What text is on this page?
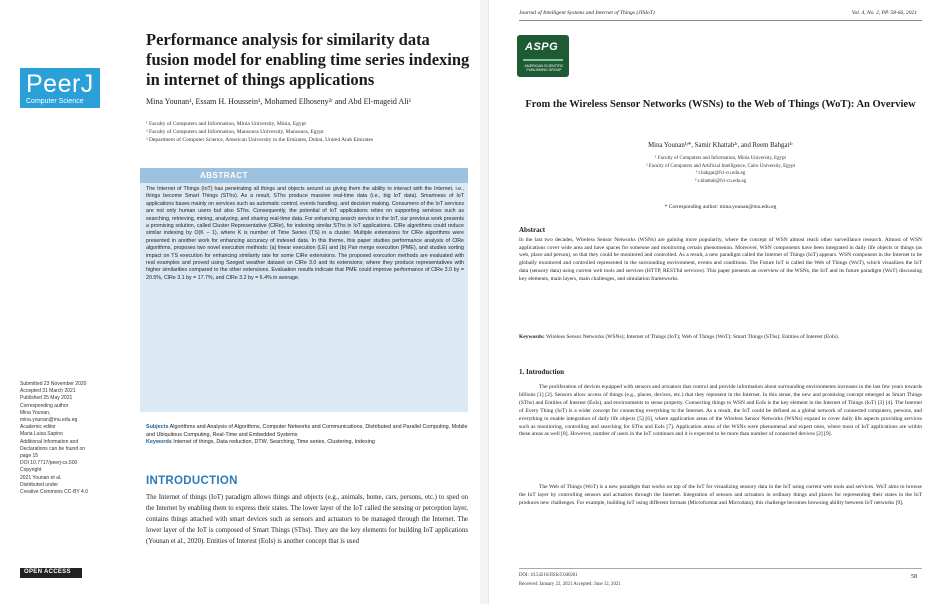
PeerJ
Computer Science
Performance analysis for similarity data fusion model for enabling time series indexing in internet of things applications
Mina Younan¹, Essam H. Houssein¹, Mohamed Elhoseny²ʳ and Abd El-mageid Ali¹
¹ Faculty of Computers and Information, Minia University, Minia, Egypt
² Faculty of Computers and Information, Mansoura University, Mansoura, Egypt
³ Department of Computer Science, American University in the Emirates, Dubai, United Arab Emirates
ABSTRACT
The Internet of Things (IoT) has penetrating all things and objects around us giving them the ability to interact with the Internet, i.e., things become Smart Things (SThs). As a result, SThs produce massive real-time data (i.e., big IoT data). Smartness of IoT applications bases mainly on services such as automatic control, events handling, and decision making. Consumers of the IoT services are not only human users but also SThs. Consequently, the potential of IoT applications relies on supporting services such as searching, retrieving, mining, analyzing, and sharing real-time data. For enhancing search service in the IoT, our previous work presents a promising solution, called Cluster Representative (ClRe), for indexing similar SThs in IoT applications. ClRe algorithms could reduce similar indexing by O(K − 1), where K is number of Time Series (TS) in a cluster. Multiple extensions for ClRe algorithms were presented in another work for enhancing accuracy of indexed data. In this theme, this paper studies performance analysis of ClRe algorithms, proposes two novel execution methods: (a) linear execution (LE) and (b) Pair merge execution (PME), and studies sorting impact on TS execution for enhancing similarity rate for some ClRe extensions. The proposed execution methods are evaluated with real examples and proved using Szeged weather dataset on ClRe 3.0 and its extensions; where they produce representatives with higher similarities compared to the other extensions. Evaluation results indicate that PME could improve performance of ClRe 3.0 by = 20.5%, ClRe 3.1 by = 17.7%, and ClRe 3.2 by = 6.4% in average.
Submitted 23 November 2020
Accepted 31 March 2021
Published 25 May 2021
Corresponding author
Mina Younan,
mina.younan@mu.edu.eg
Academic editor
Maria Luisa Sapino
Additional Information and
Declarations can be found on
page 15
DOI 10.7717/peerj-cs.500
Copyright
2021 Younan et al.
Distributed under
Creative Commons CC-BY 4.0
OPEN ACCESS
Subjects Algorithms and Analysis of Algorithms, Computer Networks and Communications, Distributed and Parallel Computing, Mobile and Ubiquitous Computing, Real-Time and Embedded Systems
Keywords Internet of things, Data reduction, DTW, Searching, Time series, Clustering, Indexing
INTRODUCTION
The Internet of things (IoT) paradigm allows things and objects (e.g., animals, home, cars, persons, etc.) to sped on the Internet by enabling them to express their states. The lower layer of the IoT called the sensing or perception layer, contains things attached with smart devices such as sensors and actuators to be managed through the Internet. The lower layer of the IoT is composed of Smart Things (SThs). They are the key elements for building IoT applications (Younan et al., 2020). Entities of Interest (EoIs) is another concept that is used
Journal of Intelligent Systems and Internet of Things (JISIoT)	Vol. 4, No. 2, PP. 58-66, 2021
ASPG
AMERICAN SCIENTIFIC PUBLISHING GROUP
From the Wireless Sensor Networks (WSNs) to the Web of Things (WoT): An Overview
Mina Younan¹ʲ*, Samir Khattab²ʳ, and Reem Bahgat²ʳ
¹ Faculty of Computers and Information, Minia University, Egypt
² Faculty of Computers and Artificial Intelligence, Cairo University, Egypt
³ r.bahgat@fci-cu.edu.eg
³ s.khattab@fci-cu.edu.eg
* Corresponding author: mina.younan@mu.edu.eg
Abstract
In the last two decades, Wireless Sensor Networks (WSNs) are gaining more popularity, where the concept of WSN almost reach other surveillance research. Almost of WSN applications cover wide area and have spaces for someone and monitoring certain phenomenon. Moreover, WSN components have been integrated in daily life objects or things (as web, place and person), so that they could be monitored and controlled. As a result, a new paradigm called the Internet of Things (IoT) appears. WSN component in the Internet to be globally monitored and controlled represented in the surrounding environment, events and conditions. The Future IoT is called the Web of Things (WoT), which visualizes the IoT data (sensory data) using current web tools and services (HTTP, RESTful services). This paper presents an overview of the WSNs, the IoT and its future paradigm (WoT) discussing key elements, main layers, main challenges, and simulation frameworks.
Keywords: Wireless Sensor Networks (WSNs); Internet of Things (IoT); Web of Things (WoT); Smart Things (SThs); Entities of Interest (EoIs).
1. Introduction
The proliferation of devices equipped with sensors and actuators that control and provide information about surrounding environments increases in the last few years towards billions [1] [2]. Sensors allow access of things (e.g., places, devices, etc.) that they represent in the Internet. In this sense, the new and promising concept emerged as Smart Things (SThs) and Entities of Interest (EoIs), and environments to sense property. Connecting things to WSN and EoIs is the key element in the Internet of Things (IoT) [3] [4]. The Internet of Every Thing (IoT) is a wider concept for connecting everything to the Internet. As a result, the IoT could be defined as a global network of connected computers, persons, and everything to enable integration of daily life objects [5] [6], where application areas of the Wireless Sensor Networks (WSNs) expand to cover daily life aspects providing services such as monitoring, controlling and searching for SThs and EoIs [7]. Application areas of the WSNs were phenomenal and expert ones, where most of IoT applications are within these areas as well [8]. However, number of users in the IoT continues and it is expected to be more than number of connected devices [2] [9].
The Web of Things (WoT) is a new paradigm that works on top of the IoT for visualizing sensory data in the IoT using current web tools and services. WoT aims to browse the IoT layer by controlling sensors and actuators through the Internet. Integration of sensors and actuators in ordinary things and places for representing their states in the IoT produces new challenges. For example, building IoT using different formats (Microformat and Microdata), this challenge becomes browsing ability between IoT networks [9].
DOI: 10.54216/JISIoT.040201
Received: January 22, 2021 Accepted: June 12, 2021
58
